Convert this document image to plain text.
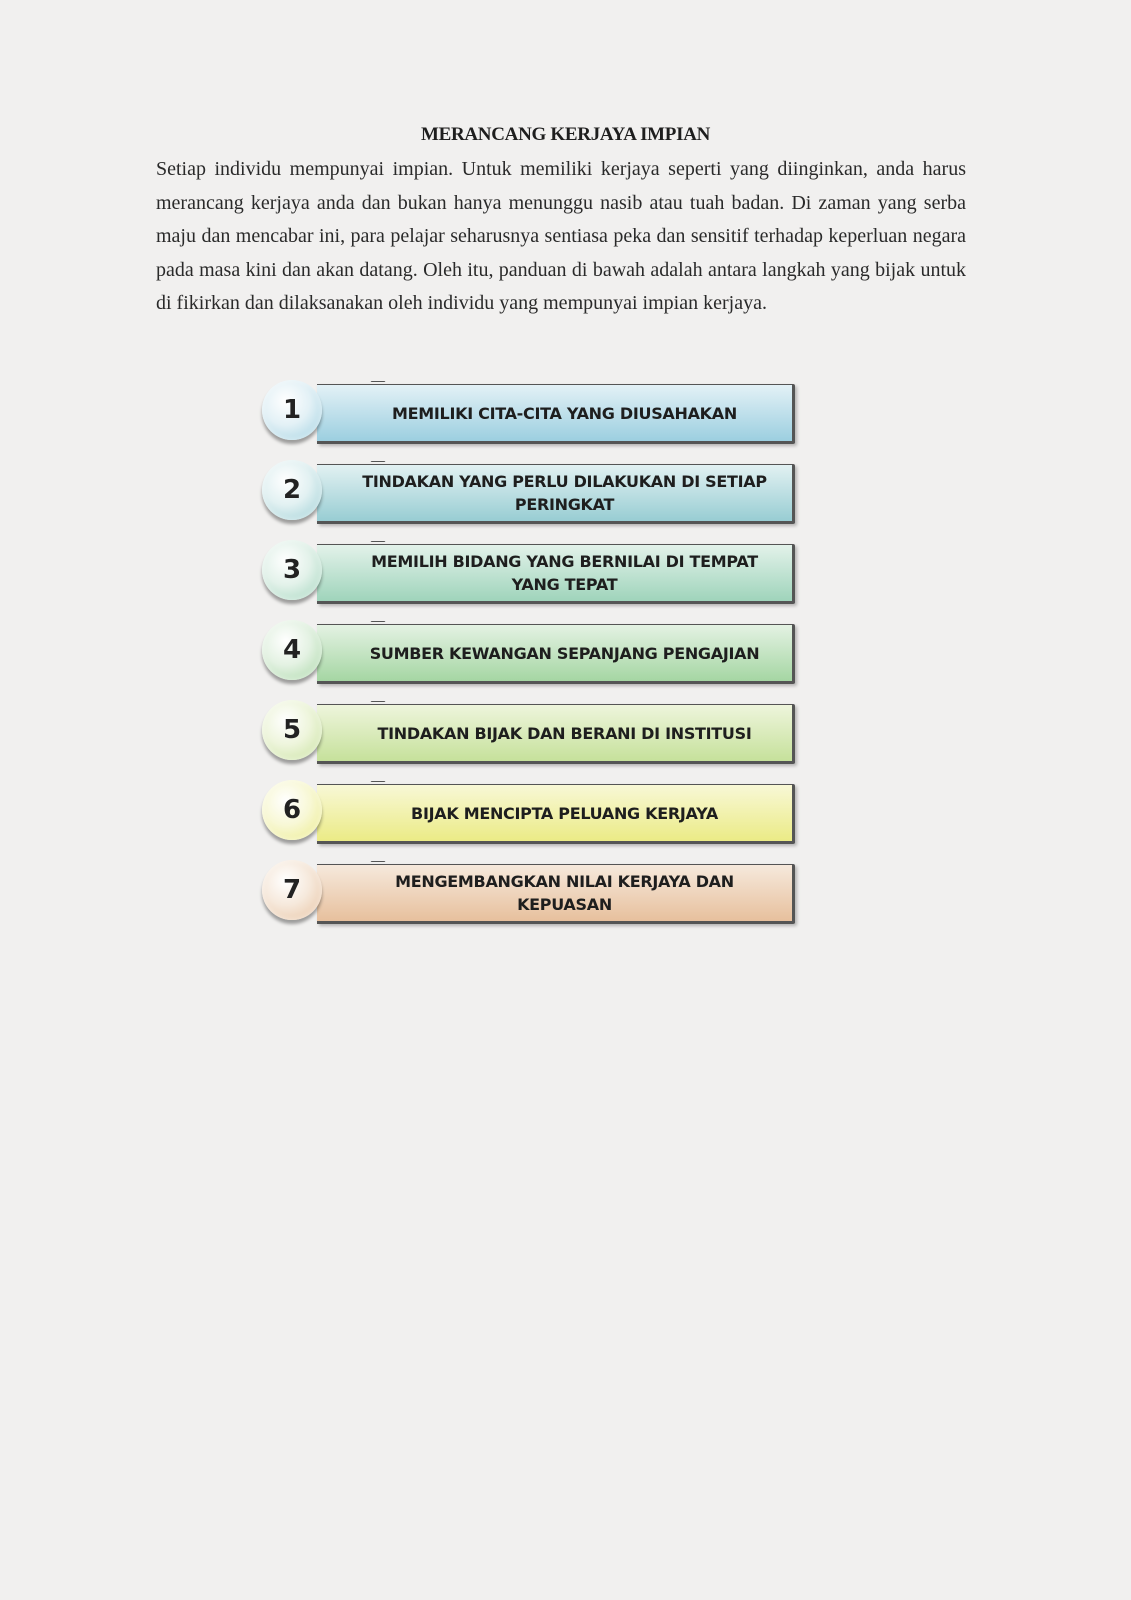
MERANCANG KERJAYA IMPIAN
Setiap individu mempunyai impian. Untuk memiliki kerjaya seperti yang diinginkan, anda harus merancang kerjaya anda dan bukan hanya menunggu nasib atau tuah badan. Di zaman yang serba maju dan mencabar ini, para pelajar seharusnya sentiasa peka dan sensitif terhadap keperluan negara pada masa kini dan akan datang. Oleh itu, panduan di bawah adalah antara langkah yang bijak untuk di fikirkan dan dilaksanakan oleh individu yang mempunyai impian kerjaya.
MEMILIKI CITA-CITA YANG DIUSAHAKAN
1
TINDAKAN YANG PERLU DILAKUKAN DI SETIAP PERINGKAT
2
MEMILIH BIDANG YANG BERNILAI DI TEMPAT YANG TEPAT
3
SUMBER KEWANGAN SEPANJANG PENGAJIAN
4
TINDAKAN BIJAK DAN BERANI DI INSTITUSI
5
BIJAK MENCIPTA PELUANG KERJAYA
6
MENGEMBANGKAN NILAI KERJAYA DAN KEPUASAN
7
